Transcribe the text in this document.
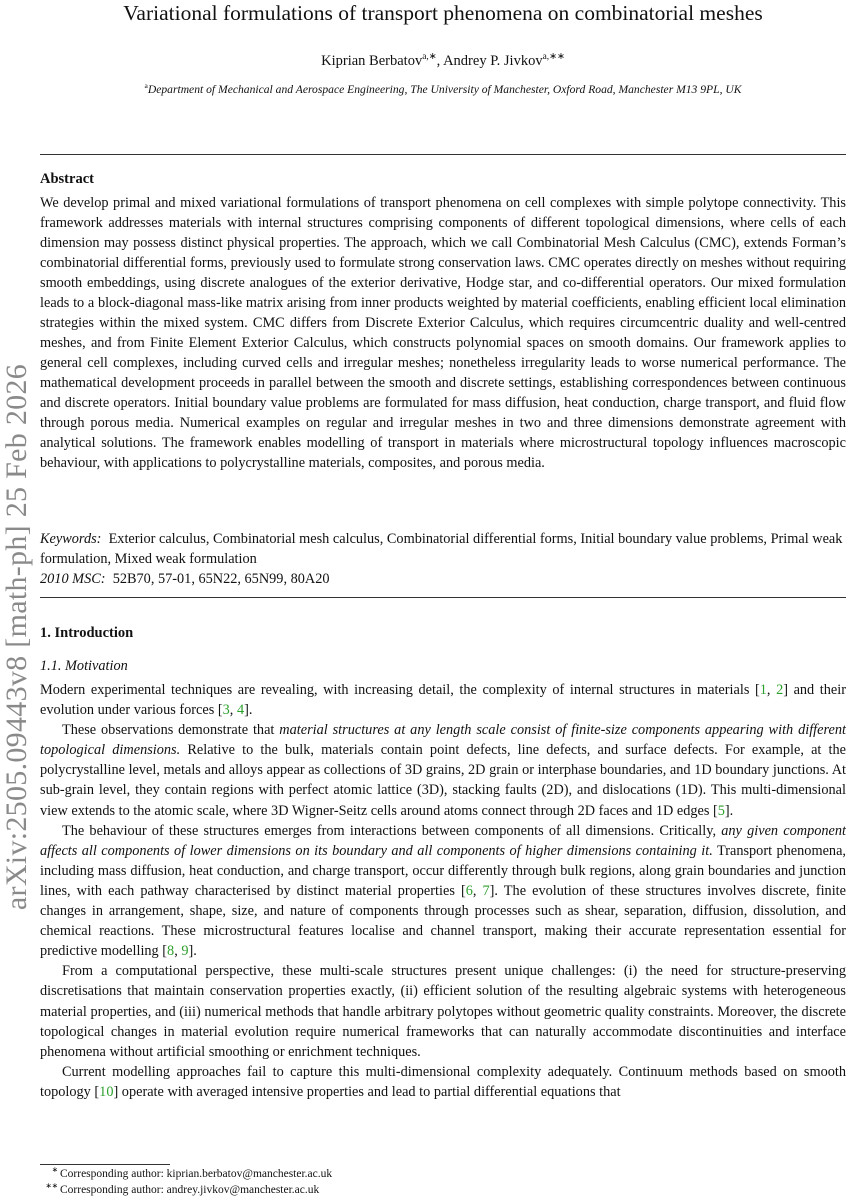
arXiv:2505.09443v8 [math-ph] 25 Feb 2026
Variational formulations of transport phenomena on combinatorial meshes
Kiprian Berbatov$^{a,∗}$, Andrey P. Jivkov$^{a,∗∗}$
$^a$Department of Mechanical and Aerospace Engineering, The University of Manchester, Oxford Road, Manchester M13 9PL, UK
Abstract
We develop primal and mixed variational formulations of transport phenomena on cell complexes with simple polytope connectivity. This framework addresses materials with internal structures comprising components of different topological dimensions, where cells of each dimension may possess distinct physical properties. The approach, which we call Combinatorial Mesh Calculus (CMC), extends Forman’s combinatorial differential forms, previously used to formulate strong conservation laws. CMC operates directly on meshes without requiring smooth embeddings, using discrete analogues of the exterior derivative, Hodge star, and co-differential operators. Our mixed formulation leads to a block-diagonal mass-like matrix arising from inner products weighted by material coefficients, enabling efficient local elimination strategies within the mixed system. CMC differs from Discrete Exterior Calculus, which requires circumcentric duality and well-centred meshes, and from Finite Element Exterior Calculus, which constructs polynomial spaces on smooth domains. Our framework applies to general cell complexes, including curved cells and irregular meshes; nonetheless irregularity leads to worse numerical performance. The mathematical development proceeds in parallel between the smooth and discrete settings, establishing correspondences between continuous and discrete operators. Initial boundary value problems are formulated for mass diffusion, heat conduction, charge transport, and fluid flow through porous media. Numerical examples on regular and irregular meshes in two and three dimensions demonstrate agreement with analytical solutions. The framework enables modelling of transport in materials where microstructural topology influences macroscopic behaviour, with applications to polycrystalline materials, composites, and porous media.
Keywords: Exterior calculus, Combinatorial mesh calculus, Combinatorial differential forms, Initial boundary value problems, Primal weak formulation, Mixed weak formulation
2010 MSC: 52B70, 57-01, 65N22, 65N99, 80A20
1. Introduction
1.1. Motivation

Modern experimental techniques are revealing, with increasing detail, the complexity of internal structures in materials [1, 2] and their evolution under various forces [3, 4].

These observations demonstrate that material structures at any length scale consist of finite-size components appearing with different topological dimensions. Relative to the bulk, materials contain point defects, line defects, and surface defects. For example, at the polycrystalline level, metals and alloys appear as collections of 3D grains, 2D grain or interphase boundaries, and 1D boundary junctions. At sub-grain level, they contain regions with perfect atomic lattice (3D), stacking faults (2D), and dislocations (1D). This multi-dimensional view extends to the atomic scale, where 3D Wigner-Seitz cells around atoms connect through 2D faces and 1D edges [5].

The behaviour of these structures emerges from interactions between components of all dimensions. Critically, any given component affects all components of lower dimensions on its boundary and all components of higher dimensions containing it. Transport phenomena, including mass diffusion, heat conduction, and charge transport, occur differently through bulk regions, along grain boundaries and junction lines, with each pathway characterised by distinct material properties [6, 7]. The evolution of these structures involves discrete, finite changes in arrangement, shape, size, and nature of components through processes such as shear, separation, diffusion, dissolution, and chemical reactions. These microstructural features localise and channel transport, making their accurate representation essential for predictive modelling [8, 9].

From a computational perspective, these multi-scale structures present unique challenges: (i) the need for structure-preserving discretisations that maintain conservation properties exactly, (ii) efficient solution of the resulting algebraic systems with heterogeneous material properties, and (iii) numerical methods that handle arbitrary polytopes without geometric quality constraints. Moreover, the discrete topological changes in material evolution require numerical frameworks that can naturally accommodate discontinuities and interface phenomena without artificial smoothing or enrichment techniques.

Current modelling approaches fail to capture this multi-dimensional complexity adequately. Continuum methods based on smooth topology [10] operate with averaged intensive properties and lead to partial differential equations that

∗ Corresponding author: kiprian.berbatov@manchester.ac.uk
∗∗ Corresponding author: andrey.jivkov@manchester.ac.uk
